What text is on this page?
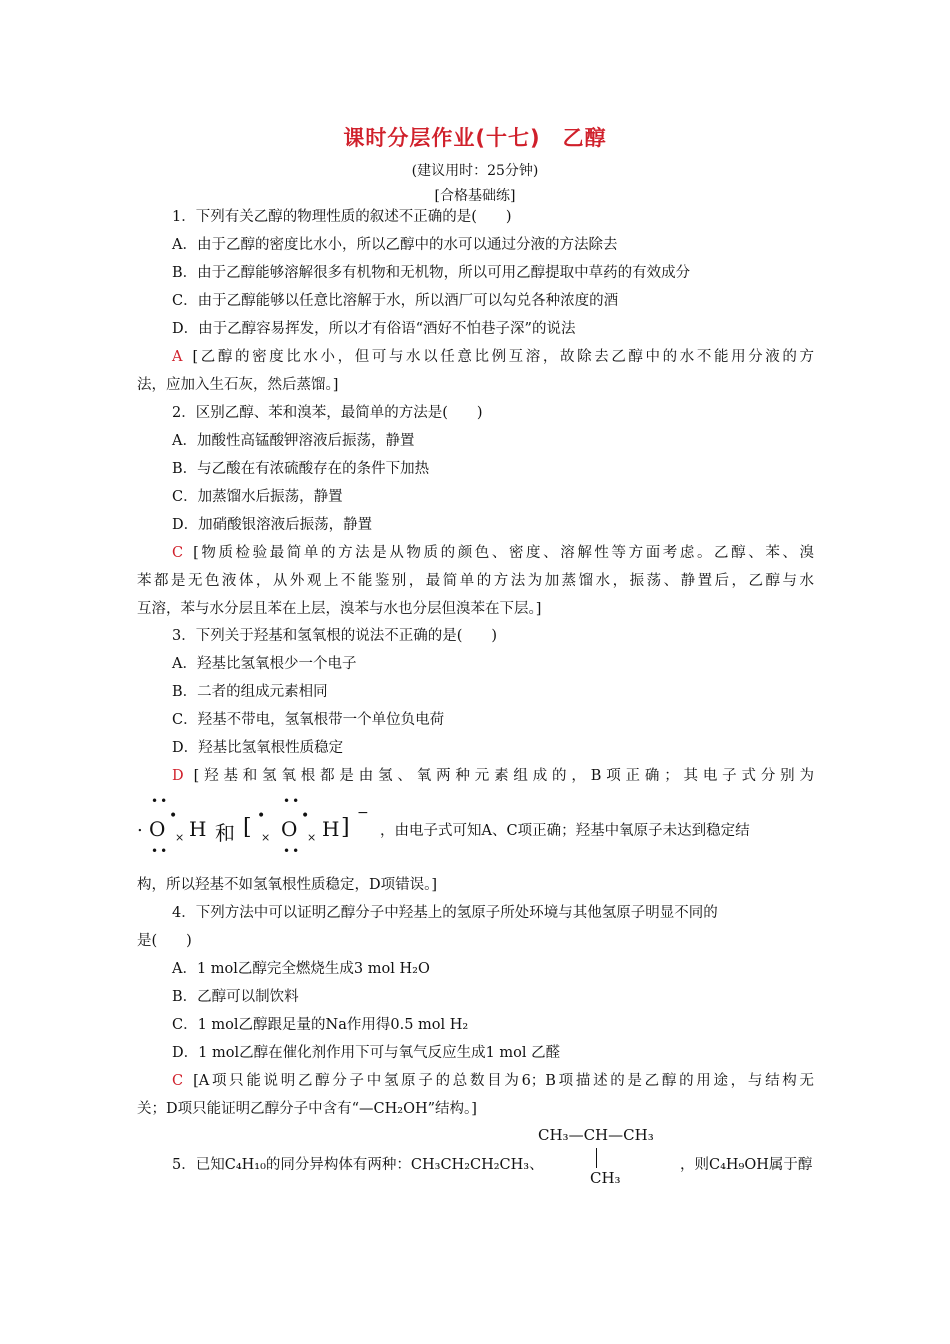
课时分层作业(十七)　乙醇
(建议用时：25分钟)
[合格基础练]
1．下列有关乙醇的物理性质的叙述不正确的是(　　)
A．由于乙醇的密度比水小，所以乙醇中的水可以通过分液的方法除去
B．由于乙醇能够溶解很多有机物和无机物，所以可用乙醇提取中草药的有效成分
C．由于乙醇能够以任意比溶解于水，所以酒厂可以勾兑各种浓度的酒
D．由于乙醇容易挥发，所以才有俗语“酒好不怕巷子深”的说法
A [乙醇的密度比水小，但可与水以任意比例互溶，故除去乙醇中的水不能用分液的方
法，应加入生石灰，然后蒸馏。]
2．区别乙醇、苯和溴苯，最简单的方法是(　　)
A．加酸性高锰酸钾溶液后振荡，静置
B．与乙酸在有浓硫酸存在的条件下加热
C．加蒸馏水后振荡，静置
D．加硝酸银溶液后振荡，静置
C [物质检验最简单的方法是从物质的颜色、密度、溶解性等方面考虑。乙醇、苯、溴
苯都是无色液体，从外观上不能鉴别，最简单的方法为加蒸馏水，振荡、静置后，乙醇与水
互溶，苯与水分层且苯在上层，溴苯与水也分层但溴苯在下层。]
3．下列关于羟基和氢氧根的说法不正确的是(　　)
A．羟基比氢氧根少一个电子
B．二者的组成元素相同
C．羟基不带电，氢氧根带一个单位负电荷
D．羟基比氢氧根性质稳定
D [羟基和氢氧根都是由氢、氧两种元素组成的，B项正确；其电子式分别为
••
••
••
••
. O
•
× H 和 [ •
× O
•
× H ]
−
，由电子式可知A、C项正确；羟基中氧原子未达到稳定结
构，所以羟基不如氢氧根性质稳定，D项错误。]
4．下列方法中可以证明乙醇分子中羟基上的氢原子所处环境与其他氢原子明显不同的
是(　　)
A．1 mol乙醇完全燃烧生成3 mol H₂O
B．乙醇可以制饮料
C．1 mol乙醇跟足量的Na作用得0.5 mol H₂
D．1 mol乙醇在催化剂作用下可与氧气反应生成1 mol 乙醛
C [A项只能说明乙醇分子中氢原子的总数目为6；B项描述的是乙醇的用途，与结构无
关；D项只能证明乙醇分子中含有“—CH₂OH”结构。]
5．已知C₄H₁₀的同分异构体有两种：CH₃CH₂CH₂CH₃、
CH₃—CH—CH₃
CH₃
，则C₄H₉OH属于醇
